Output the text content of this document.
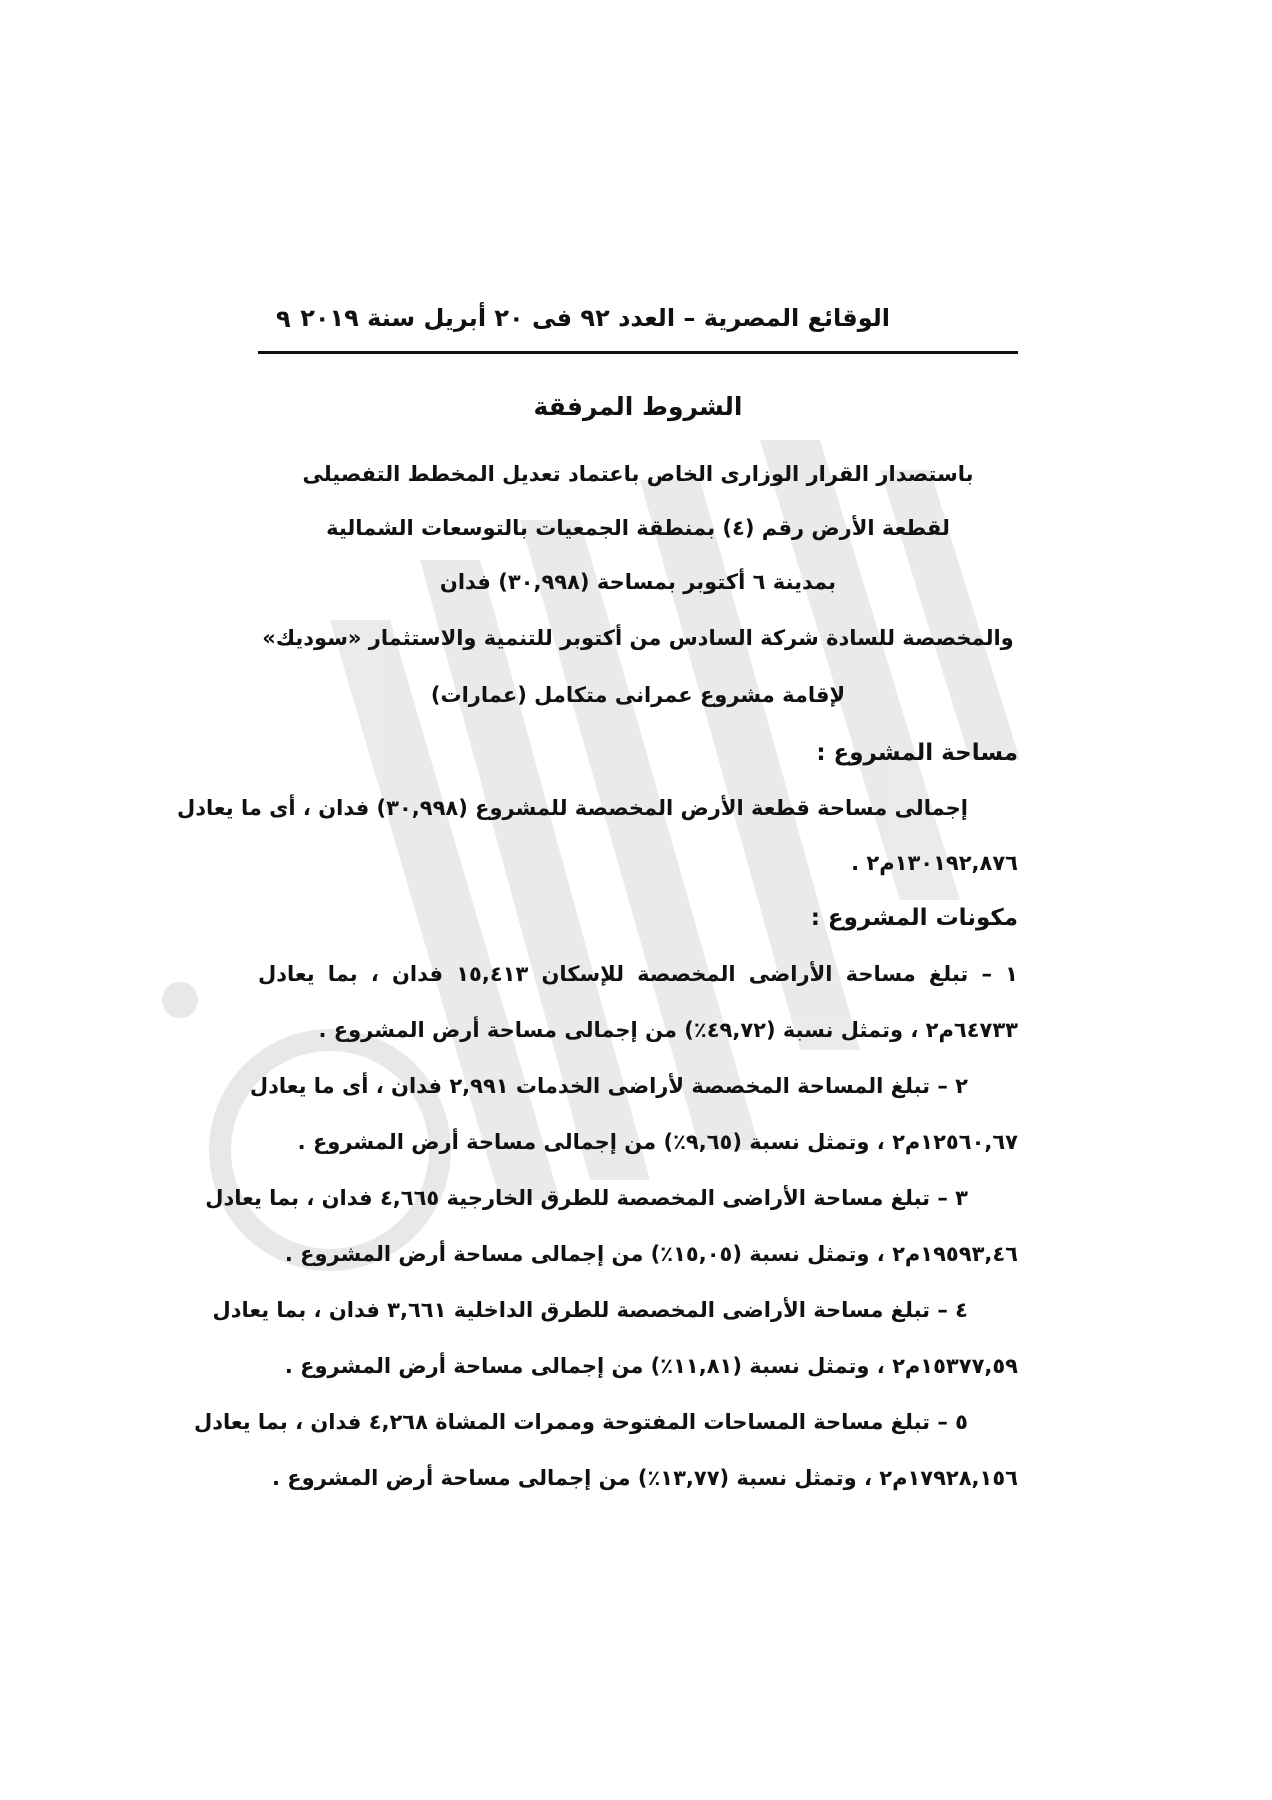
٩ الوقائع المصرية – العدد ٩٢ فى ٢٠ أبريل سنة ٢٠١٩
الشروط المرفقة
باستصدار القرار الوزارى الخاص باعتماد تعديل المخطط التفصيلى
لقطعة الأرض رقم (٤) بمنطقة الجمعيات بالتوسعات الشمالية
بمدينة ٦ أكتوبر بمساحة (٣٠,٩٩٨) فدان
والمخصصة للسادة شركة السادس من أكتوبر للتنمية والاستثمار «سوديك»
لإقامة مشروع عمرانى متكامل (عمارات)
مساحة المشروع :
إجمالى مساحة قطعة الأرض المخصصة للمشروع (٣٠,٩٩٨) فدان ، أى ما يعادل
١٣٠١٩٢,٨٧٦م٢ .
مكونات المشروع :
١ – تبلغ مساحة الأراضى المخصصة للإسكان ١٥,٤١٣ فدان ، بما يعادل
٦٤٧٣٣م٢ ، وتمثل نسبة (٤٩,٧٢٪) من إجمالى مساحة أرض المشروع .
٢ – تبلغ المساحة المخصصة لأراضى الخدمات ٢,٩٩١ فدان ، أى ما يعادل
١٢٥٦٠,٦٧م٢ ، وتمثل نسبة (٩,٦٥٪) من إجمالى مساحة أرض المشروع .
٣ – تبلغ مساحة الأراضى المخصصة للطرق الخارجية ٤,٦٦٥ فدان ، بما يعادل
١٩٥٩٣,٤٦م٢ ، وتمثل نسبة (١٥,٠٥٪) من إجمالى مساحة أرض المشروع .
٤ – تبلغ مساحة الأراضى المخصصة للطرق الداخلية ٣,٦٦١ فدان ، بما يعادل
١٥٣٧٧,٥٩م٢ ، وتمثل نسبة (١١,٨١٪) من إجمالى مساحة أرض المشروع .
٥ – تبلغ مساحة المساحات المفتوحة وممرات المشاة ٤,٢٦٨ فدان ، بما يعادل
١٧٩٢٨,١٥٦م٢ ، وتمثل نسبة (١٣,٧٧٪) من إجمالى مساحة أرض المشروع .
